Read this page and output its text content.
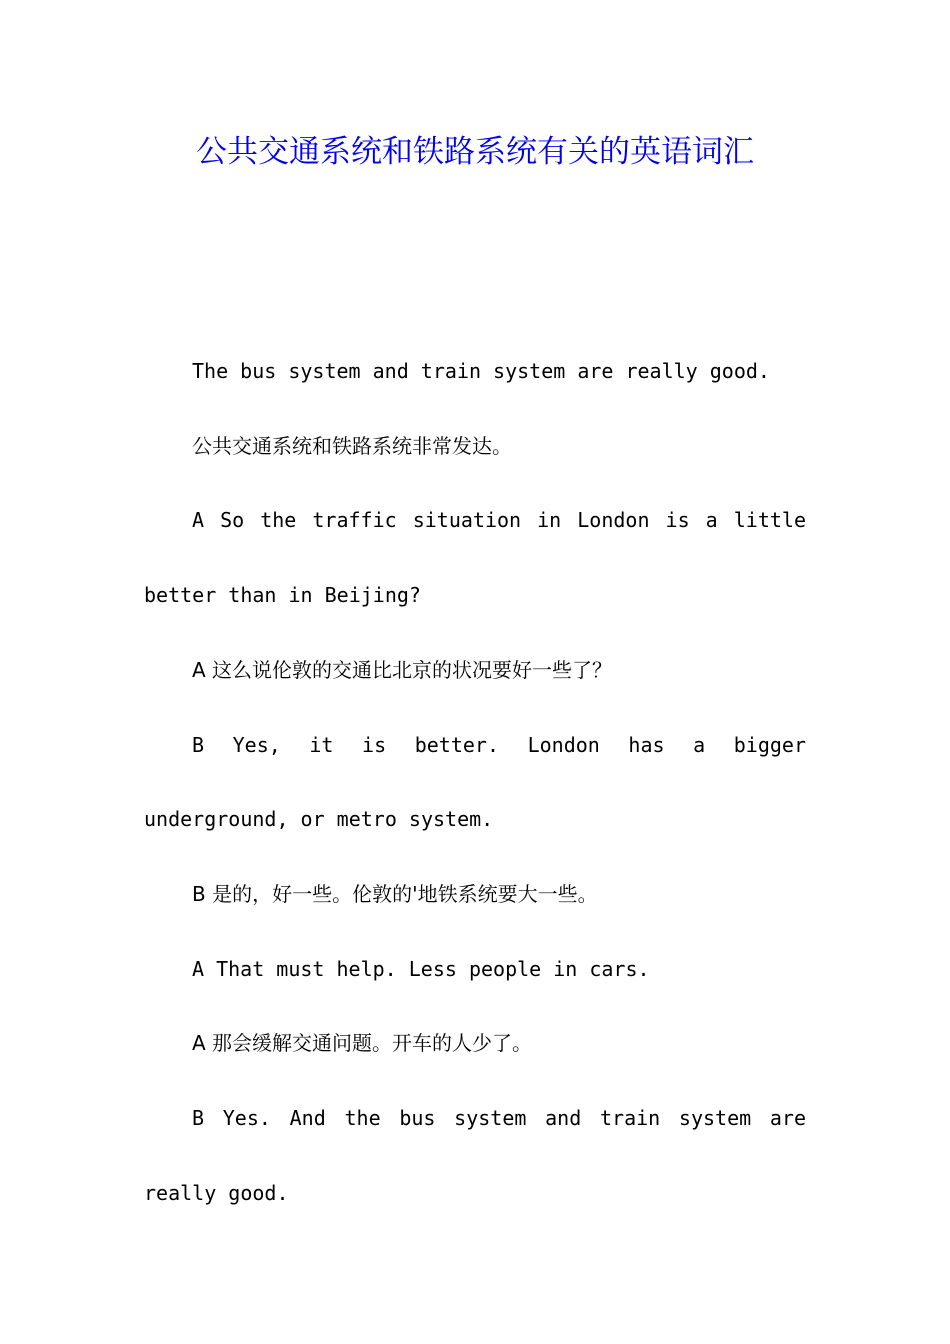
公共交通系统和铁路系统有关的英语词汇

The bus system and train system are really good.

公共交通系统和铁路系统非常发达。

A So the traffic situation in London is a little better than in Beijing?

A 这么说伦敦的交通比北京的状况要好一些了？

B Yes, it is better. London has a bigger underground, or metro system.

B 是的，好一些。伦敦的'地铁系统要大一些。

A That must help. Less people in cars.

A 那会缓解交通问题。开车的人少了。

B Yes. And the bus system and train system are really good.
